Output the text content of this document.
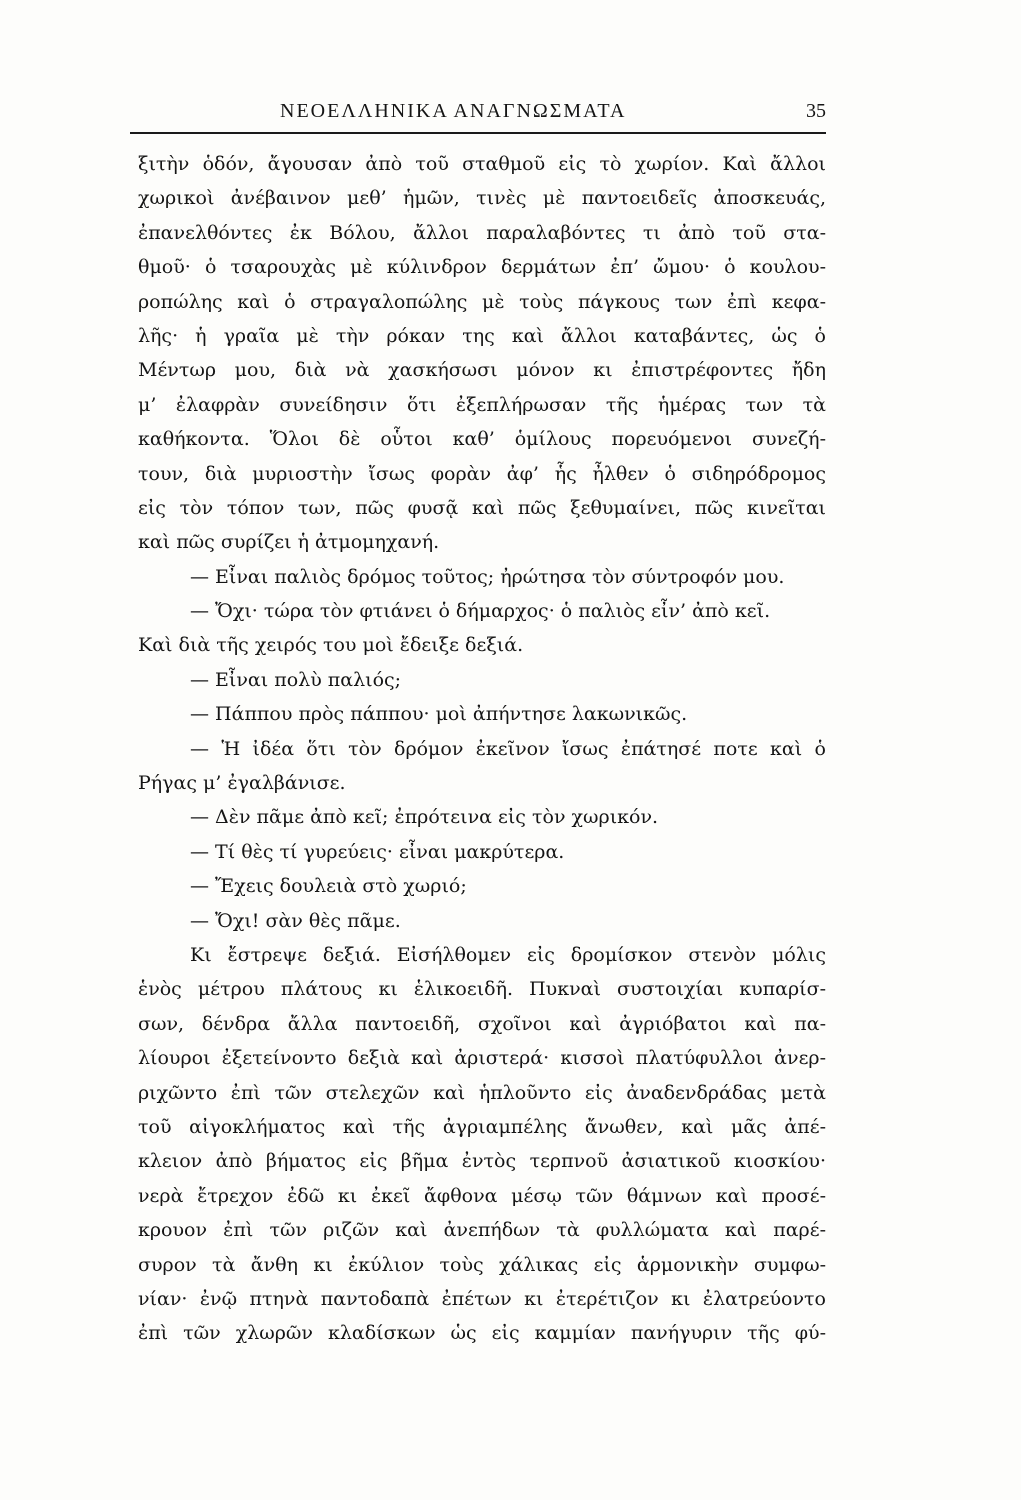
ΝΕΟΕΛΛΗΝΙΚΑ ΑΝΑΓΝΩΣΜΑΤΑ	35
ξιτὴν ὁδόν, ἄγουσαν ἀπὸ τοῦ σταθμοῦ εἰς τὸ χωρίον. Καὶ ἄλλοι
χωρικοὶ ἀνέβαινον μεθ’ ἡμῶν, τινὲς μὲ παντοειδεῖς ἀποσκευάς,
ἐπανελθόντες ἐκ Βόλου, ἄλλοι παραλαβόντες τι ἀπὸ τοῦ στα-
θμοῦ· ὁ τσαρουχὰς μὲ κύλινδρον δερμάτων ἐπ’ ὤμου· ὁ κουλου-
ροπώλης καὶ ὁ στραγαλοπώλης μὲ τοὺς πάγκους των ἐπὶ κεφα-
λῆς· ἡ γραῖα μὲ τὴν ρόκαν της καὶ ἄλλοι καταβάντες, ὡς ὁ
Μέντωρ μου, διὰ νὰ χασκήσωσι μόνον κι ἐπιστρέφοντες ἤδη
μ’ ἐλαφρὰν συνείδησιν ὅτι ἐξεπλήρωσαν τῆς ἡμέρας των τὰ
καθήκοντα. Ὅλοι δὲ οὗτοι καθ’ ὁμίλους πορευόμενοι συνεζή-
τουν, διὰ μυριοστὴν ἴσως φορὰν ἀφ’ ἧς ἦλθεν ὁ σιδηρόδρομος
εἰς τὸν τόπον των, πῶς φυσᾷ καὶ πῶς ξεθυμαίνει, πῶς κινεῖται
καὶ πῶς συρίζει ἡ ἀτμομηχανή.
— Εἶναι παλιὸς δρόμος τοῦτος; ἠρώτησα τὸν σύντροφόν μου.
— Ὄχι· τώρα τὸν φτιάνει ὁ δήμαρχος· ὁ παλιὸς εἶν’ ἀπὸ κεῖ.
Καὶ διὰ τῆς χειρός του μοὶ ἔδειξε δεξιά.
— Εἶναι πολὺ παλιός;
— Πάππου πρὸς πάππου· μοὶ ἀπήντησε λακωνικῶς.
— Ἡ ἰδέα ὅτι τὸν δρόμον ἐκεῖνον ἴσως ἐπάτησέ ποτε καὶ ὁ
Ρήγας μ’ ἐγαλβάνισε.
— Δὲν πᾶμε ἀπὸ κεῖ; ἐπρότεινα εἰς τὸν χωρικόν.
— Τί θὲς τί γυρεύεις· εἶναι μακρύτερα.
— Ἔχεις δουλειὰ στὸ χωριό;
— Ὄχι! σὰν θὲς πᾶμε.
Κι ἔστρεψε δεξιά. Εἰσήλθομεν εἰς δρομίσκον στενὸν μόλις
ἑνὸς μέτρου πλάτους κι ἑλικοειδῆ. Πυκναὶ συστοιχίαι κυπαρίσ-
σων, δένδρα ἄλλα παντοειδῆ, σχοῖνοι καὶ ἀγριόβατοι καὶ πα-
λίουροι ἐξετείνοντο δεξιὰ καὶ ἀριστερά· κισσοὶ πλατύφυλλοι ἀνερ-
ριχῶντο ἐπὶ τῶν στελεχῶν καὶ ἡπλοῦντο εἰς ἀναδενδράδας μετὰ
τοῦ αἰγοκλήματος καὶ τῆς ἀγριαμπέλης ἄνωθεν, καὶ μᾶς ἀπέ-
κλειον ἀπὸ βήματος εἰς βῆμα ἐντὸς τερπνοῦ ἀσιατικοῦ κιοσκίου·
νερὰ ἔτρεχον ἐδῶ κι ἐκεῖ ἄφθονα μέσῳ τῶν θάμνων καὶ προσέ-
κρουον ἐπὶ τῶν ριζῶν καὶ ἀνεπήδων τὰ φυλλώματα καὶ παρέ-
συρον τὰ ἄνθη κι ἐκύλιον τοὺς χάλικας εἰς ἁρμονικὴν συμφω-
νίαν· ἐνῷ πτηνὰ παντοδαπὰ ἐπέτων κι ἐτερέτιζον κι ἐλατρεύοντο
ἐπὶ τῶν χλωρῶν κλαδίσκων ὡς εἰς καμμίαν πανήγυριν τῆς φύ-
